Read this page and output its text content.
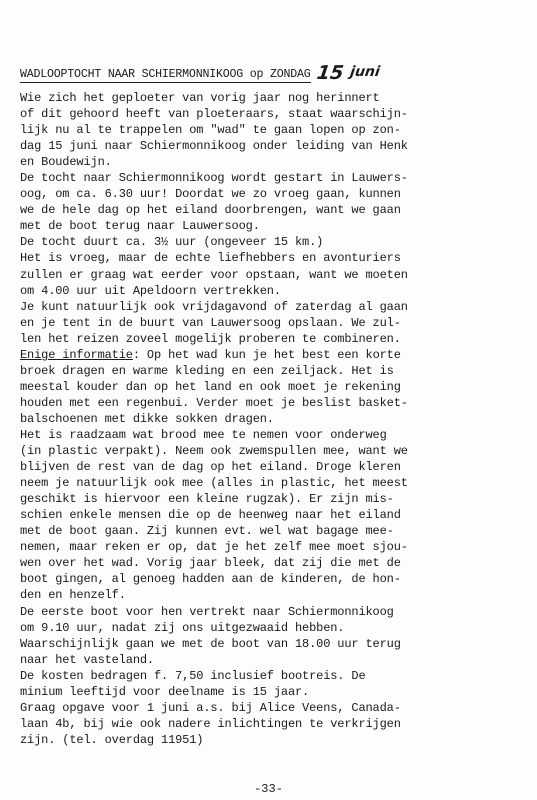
WADLOOPTOCHT NAAR SCHIERMONNIKOOG op ZONDAG 15 juni
Wie zich het geploeter van vorig jaar nog herinnert
of dit gehoord heeft van ploeteraars, staat waarschijn-
lijk nu al te trappelen om "wad" te gaan lopen op zon-
dag 15 juni naar Schiermonnikoog onder leiding van Henk
en Boudewijn.
De tocht naar Schiermonnikoog wordt gestart in Lauwers-
oog, om ca. 6.30 uur! Doordat we zo vroeg gaan, kunnen
we de hele dag op het eiland doorbrengen, want we gaan
met de boot terug naar Lauwersoog.
De tocht duurt ca. 3½ uur (ongeveer 15 km.)
Het is vroeg, maar de echte liefhebbers en avonturiers
zullen er graag wat eerder voor opstaan, want we moeten
om 4.00 uur uit Apeldoorn vertrekken.
Je kunt natuurlijk ook vrijdagavond of zaterdag al gaan
en je tent in de buurt van Lauwersoog opslaan. We zul-
len het reizen zoveel mogelijk proberen te combineren.
Enige informatie: Op het wad kun je het best een korte
broek dragen en warme kleding en een zeiljack. Het is
meestal kouder dan op het land en ook moet je rekening
houden met een regenbui. Verder moet je beslist basket-
balschoenen met dikke sokken dragen.
Het is raadzaam wat brood mee te nemen voor onderweg
(in plastic verpakt). Neem ook zwemspullen mee, want we
blijven de rest van de dag op het eiland. Droge kleren
neem je natuurlijk ook mee (alles in plastic, het meest
geschikt is hiervoor een kleine rugzak). Er zijn mis-
schien enkele mensen die op de heenweg naar het eiland
met de boot gaan. Zij kunnen evt. wel wat bagage mee-
nemen, maar reken er op, dat je het zelf mee moet sjou-
wen over het wad. Vorig jaar bleek, dat zij die met de
boot gingen, al genoeg hadden aan de kinderen, de hon-
den en henzelf.
De eerste boot voor hen vertrekt naar Schiermonnikoog
om 9.10 uur, nadat zij ons uitgezwaaid hebben.
Waarschijnlijk gaan we met de boot van 18.00 uur terug
naar het vasteland.
De kosten bedragen f. 7,50 inclusief bootreis. De
minium leeftijd voor deelname is 15 jaar.
Graag opgave voor 1 juni a.s. bij Alice Veens, Canada-
laan 4b, bij wie ook nadere inlichtingen te verkrijgen
zijn. (tel. overdag 11951)
-33-
